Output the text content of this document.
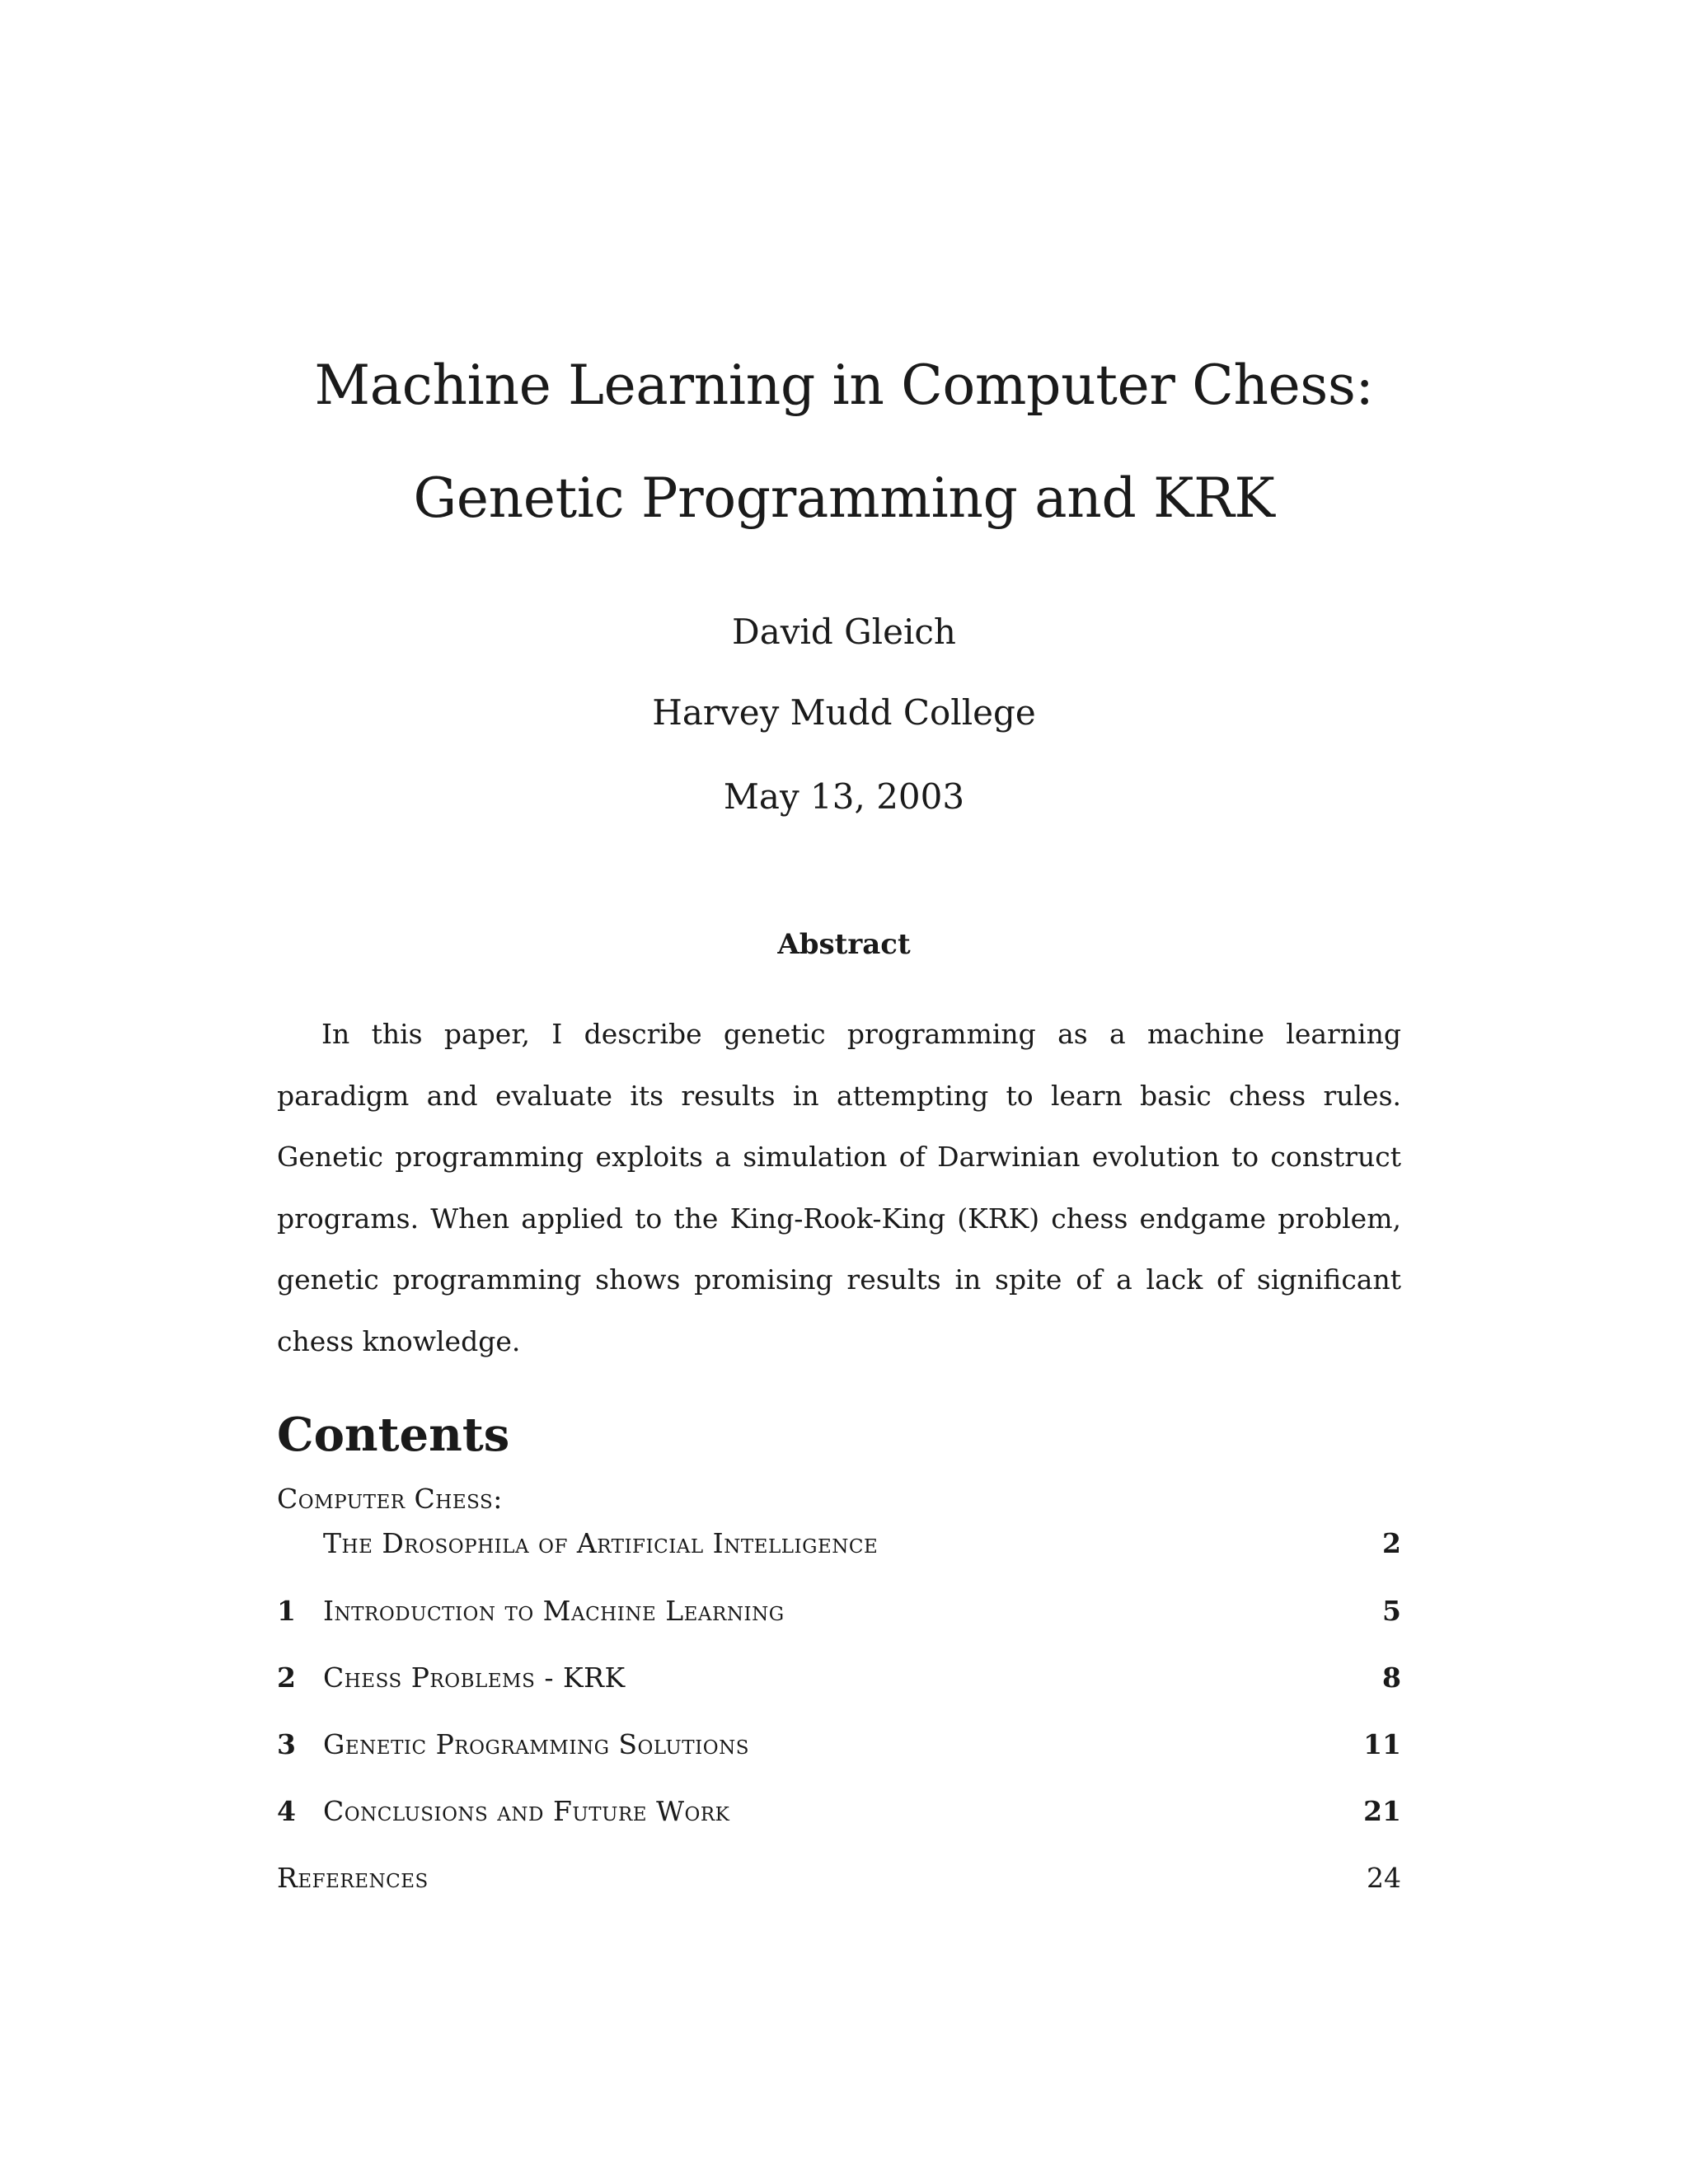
Machine Learning in Computer Chess:
Genetic Programming and KRK
David Gleich
Harvey Mudd College
May 13, 2003
Abstract

In this paper, I describe genetic programming as a machine learning paradigm and evaluate its results in attempting to learn basic chess rules. Genetic programming exploits a simulation of Darwinian evolution to construct programs. When applied to the King-Rook-King (KRK) chess endgame problem, genetic programming shows promising results in spite of a lack of significant chess knowledge.

Contents
Computer Chess:
The Drosophila of Artificial Intelligence	2
1 Introduction to Machine Learning	5
2 Chess Problems - KRK	8
3 Genetic Programming Solutions	11
4 Conclusions and Future Work	21
References	24
